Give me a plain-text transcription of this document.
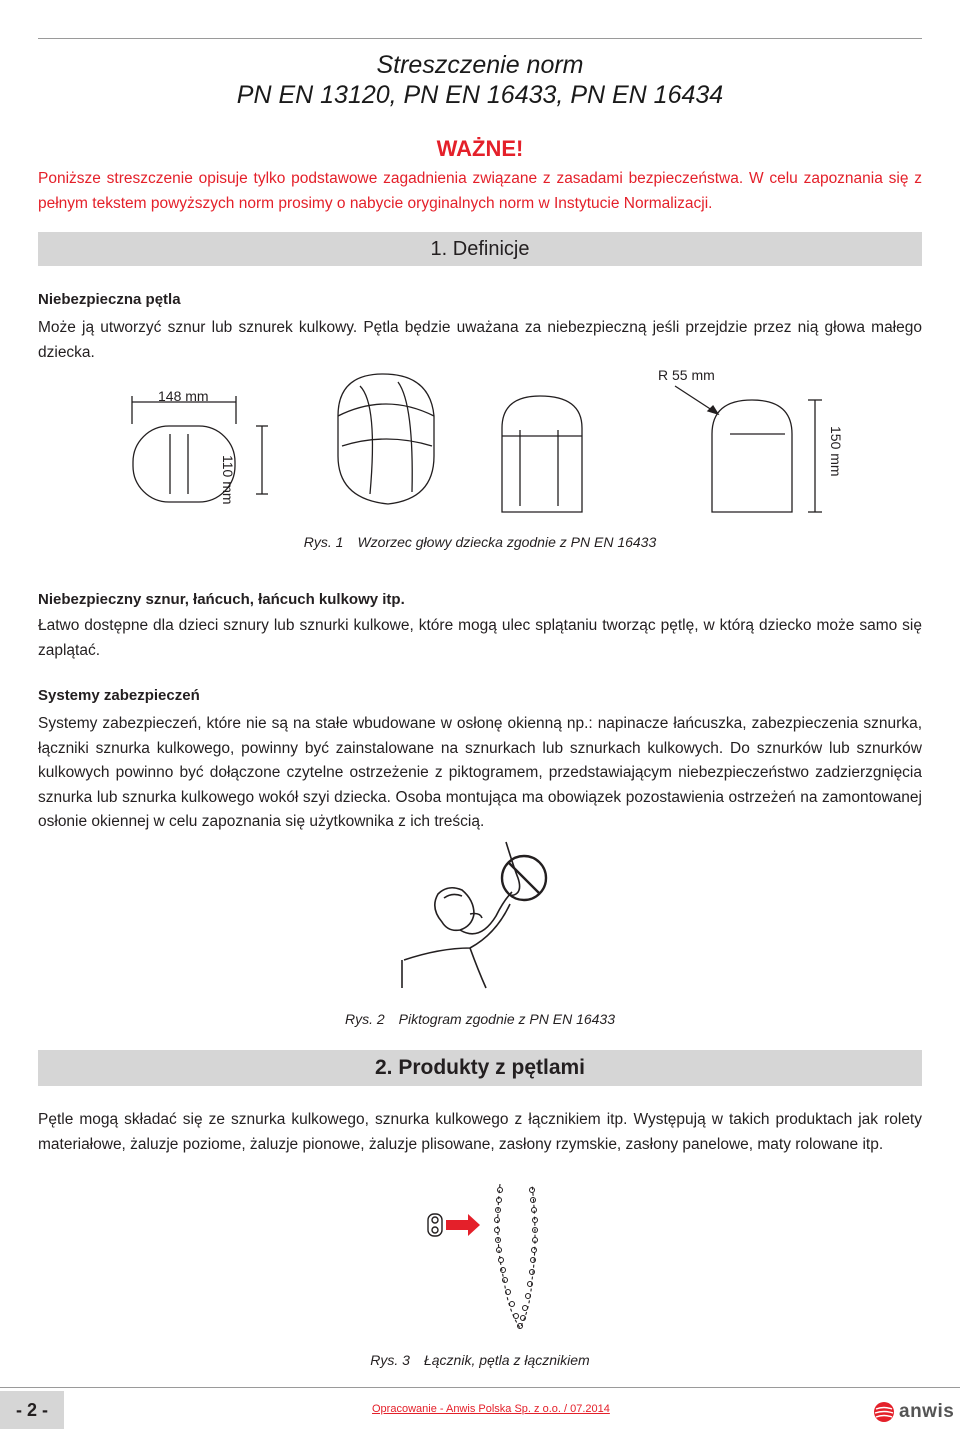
Streszczenie norm
PN EN 13120, PN EN 16433, PN EN 16434
WAŻNE!
Poniższe streszczenie opisuje tylko podstawowe zagadnienia związane z zasadami bezpieczeństwa. W celu zapoznania się z pełnym tekstem powyższych norm prosimy o nabycie oryginalnych norm w Instytucie Normalizacji.
1. Definicje
Niebezpieczna pętla
Może ją utworzyć sznur lub sznurek kulkowy. Pętla będzie uważana za niebezpieczną jeśli przejdzie przez nią głowa małego dziecka.
148 mm
110 mm
R 55 mm
150 mm
Rys. 1 Wzorzec głowy dziecka zgodnie z PN EN 16433
Niebezpieczny sznur, łańcuch, łańcuch kulkowy itp.
Łatwo dostępne dla dzieci sznury lub sznurki kulkowe, które mogą ulec splątaniu tworząc pętlę, w którą dziecko może samo się zaplątać.
Systemy zabezpieczeń
Systemy zabezpieczeń, które nie są na stałe wbudowane w osłonę okienną np.: napinacze łańcuszka, zabezpieczenia sznurka, łączniki sznurka kulkowego, powinny być zainstalowane na sznurkach lub sznurkach kulkowych. Do sznurków lub sznurków kulkowych powinno być dołączone czytelne ostrzeżenie z piktogramem, przedstawiającym niebezpieczeństwo zadzierzgnięcia sznurka lub sznurka kulkowego wokół szyi dziecka. Osoba montująca ma obowiązek pozostawienia ostrzeżeń na zamontowanej osłonie okiennej w celu zapoznania się użytkownika z ich treścią.
Rys. 2 Piktogram zgodnie z PN EN 16433
2. Produkty z pętlami
Pętle mogą składać się ze sznurka kulkowego, sznurka kulkowego z łącznikiem itp. Występują w takich produktach jak rolety materiałowe, żaluzje poziome, żaluzje pionowe, żaluzje plisowane, zasłony rzymskie, zasłony panelowe, maty rolowane itp.
Rys. 3 Łącznik, pętla z łącznikiem
- 2 -	Opracowanie - Anwis Polska Sp. z o.o. / 07.2014	anwis
